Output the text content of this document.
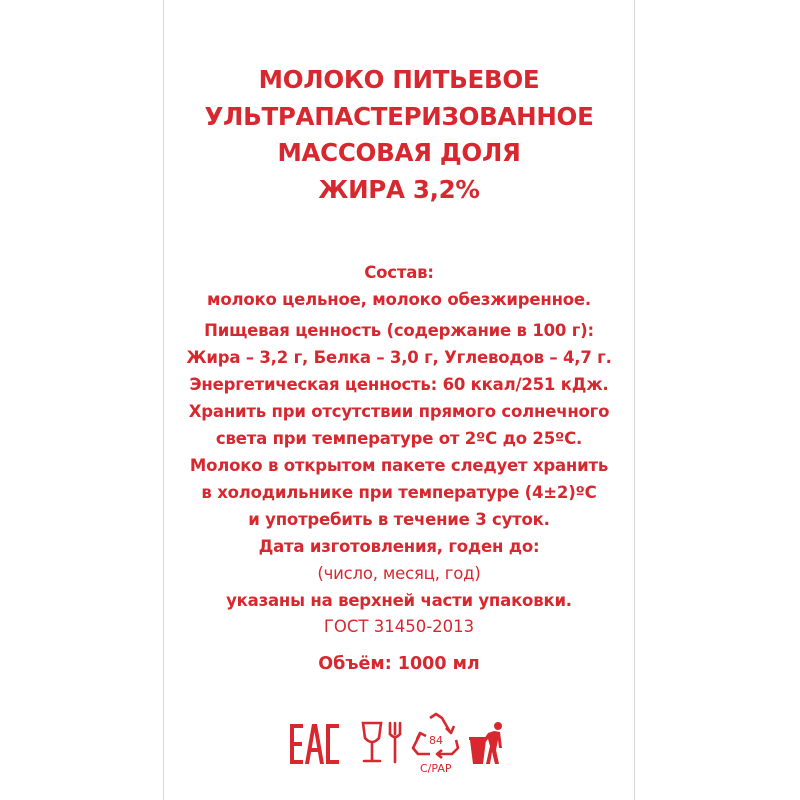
МОЛОКО ПИТЬЕВОЕ
УЛЬТРАПАСТЕРИЗОВАННОЕ
МАССОВАЯ ДОЛЯ
ЖИРА 3,2%
Состав:
молоко цельное, молоко обезжиренное.
Пищевая ценность (содержание в 100 г):
Жира – 3,2 г, Белка – 3,0 г, Углеводов – 4,7 г.
Энергетическая ценность: 60 ккал/251 кДж.
Хранить при отсутствии прямого солнечного
света при температуре от 2ºС до 25ºС.
Молоко в открытом пакете следует хранить
в холодильнике при температуре (4±2)ºС
и употребить в течение 3 суток.
Дата изготовления, годен до:
(число, месяц, год)
указаны на верхней части упаковки.
ГОСТ 31450-2013
Объём: 1000 мл
84
C/PAP
